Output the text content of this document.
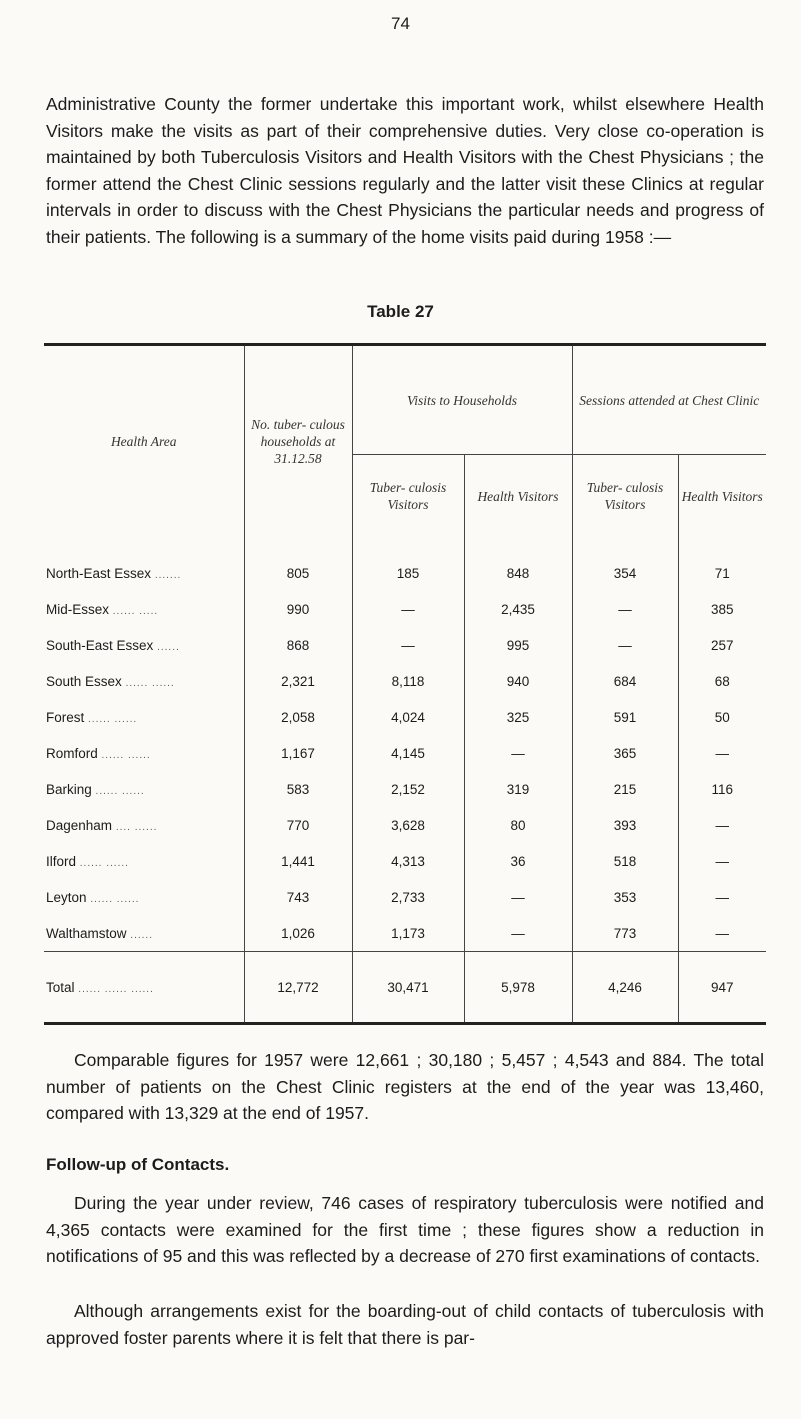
74

Administrative County the former undertake this important work, whilst elsewhere Health Visitors make the visits as part of their comprehensive duties. Very close co-operation is maintained by both Tuberculosis Visitors and Health Visitors with the Chest Physicians ; the former attend the Chest Clinic sessions regularly and the latter visit these Clinics at regular intervals in order to discuss with the Chest Physicians the particular needs and progress of their patients. The following is a summary of the home visits paid during 1958 :—

Table 27
Health Area	No. tuber- culous households at 31.12.58	Visits to Households		Sessions attended at Chest Clinic	
		Tuber- culosis Visitors	Health Visitors	Tuber- culosis Visitors	Health Visitors
North-East Essex .......	805	185	848	354	71
Mid-Essex ...... .....	990	—	2,435	—	385
South-East Essex ......	868	—	995	—	257
South Essex ...... ......	2,321	8,118	940	684	68
Forest ...... ......	2,058	4,024	325	591	50
Romford ...... ......	1,167	4,145	—	365	—
Barking ...... ......	583	2,152	319	215	116
Dagenham .... ......	770	3,628	80	393	—
Ilford ...... ......	1,441	4,313	36	518	—
Leyton ...... ......	743	2,733	—	353	—
Walthamstow ......	1,026	1,173	—	773	—
Total ...... ...... ......	12,772	30,471	5,978	4,246	947

Comparable figures for 1957 were 12,661 ; 30,180 ; 5,457 ; 4,543 and 884. The total number of patients on the Chest Clinic registers at the end of the year was 13,460, compared with 13,329 at the end of 1957.

Follow-up of Contacts.

During the year under review, 746 cases of respiratory tuberculosis were notified and 4,365 contacts were examined for the first time ; these figures show a reduction in notifications of 95 and this was reflected by a decrease of 270 first examinations of contacts.

Although arrangements exist for the boarding-out of child contacts of tuberculosis with approved foster parents where it is felt that there is par-
